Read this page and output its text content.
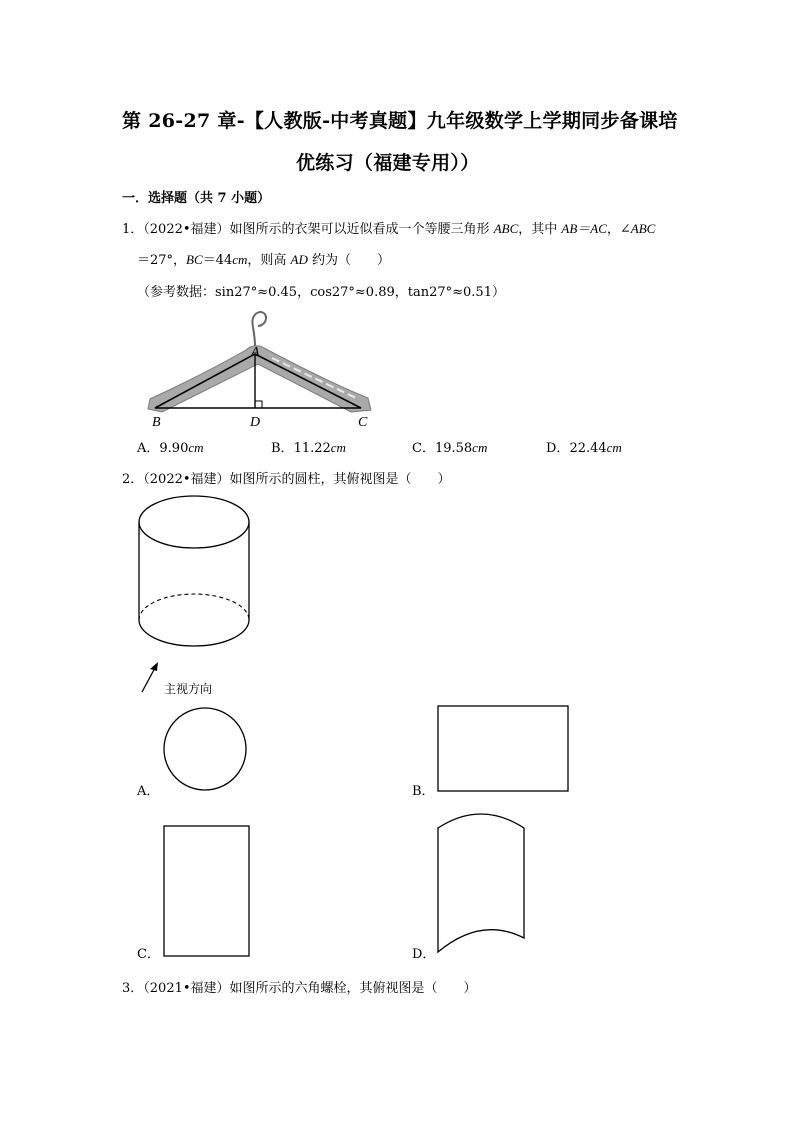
第 26-27 章-【人教版-中考真题】九年级数学上学期同步备课培
优练习（福建专用））
一．选择题（共 7 小题）
1．（2022•福建）如图所示的衣架可以近似看成一个等腰三角形 ABC，其中 AB＝AC，∠ABC
＝27°，BC＝44cm，则高 AD 约为（　　）
（参考数据：sin27°≈0.45，cos27°≈0.89，tan27°≈0.51）
A
B	D	C
A．9.90cm	B．11.22cm	C．19.58cm	D．22.44cm
2．（2022•福建）如图所示的圆柱，其俯视图是（　　）
主视方向
A．	B．
C．	D．
3．（2021•福建）如图所示的六角螺栓，其俯视图是（　　）
